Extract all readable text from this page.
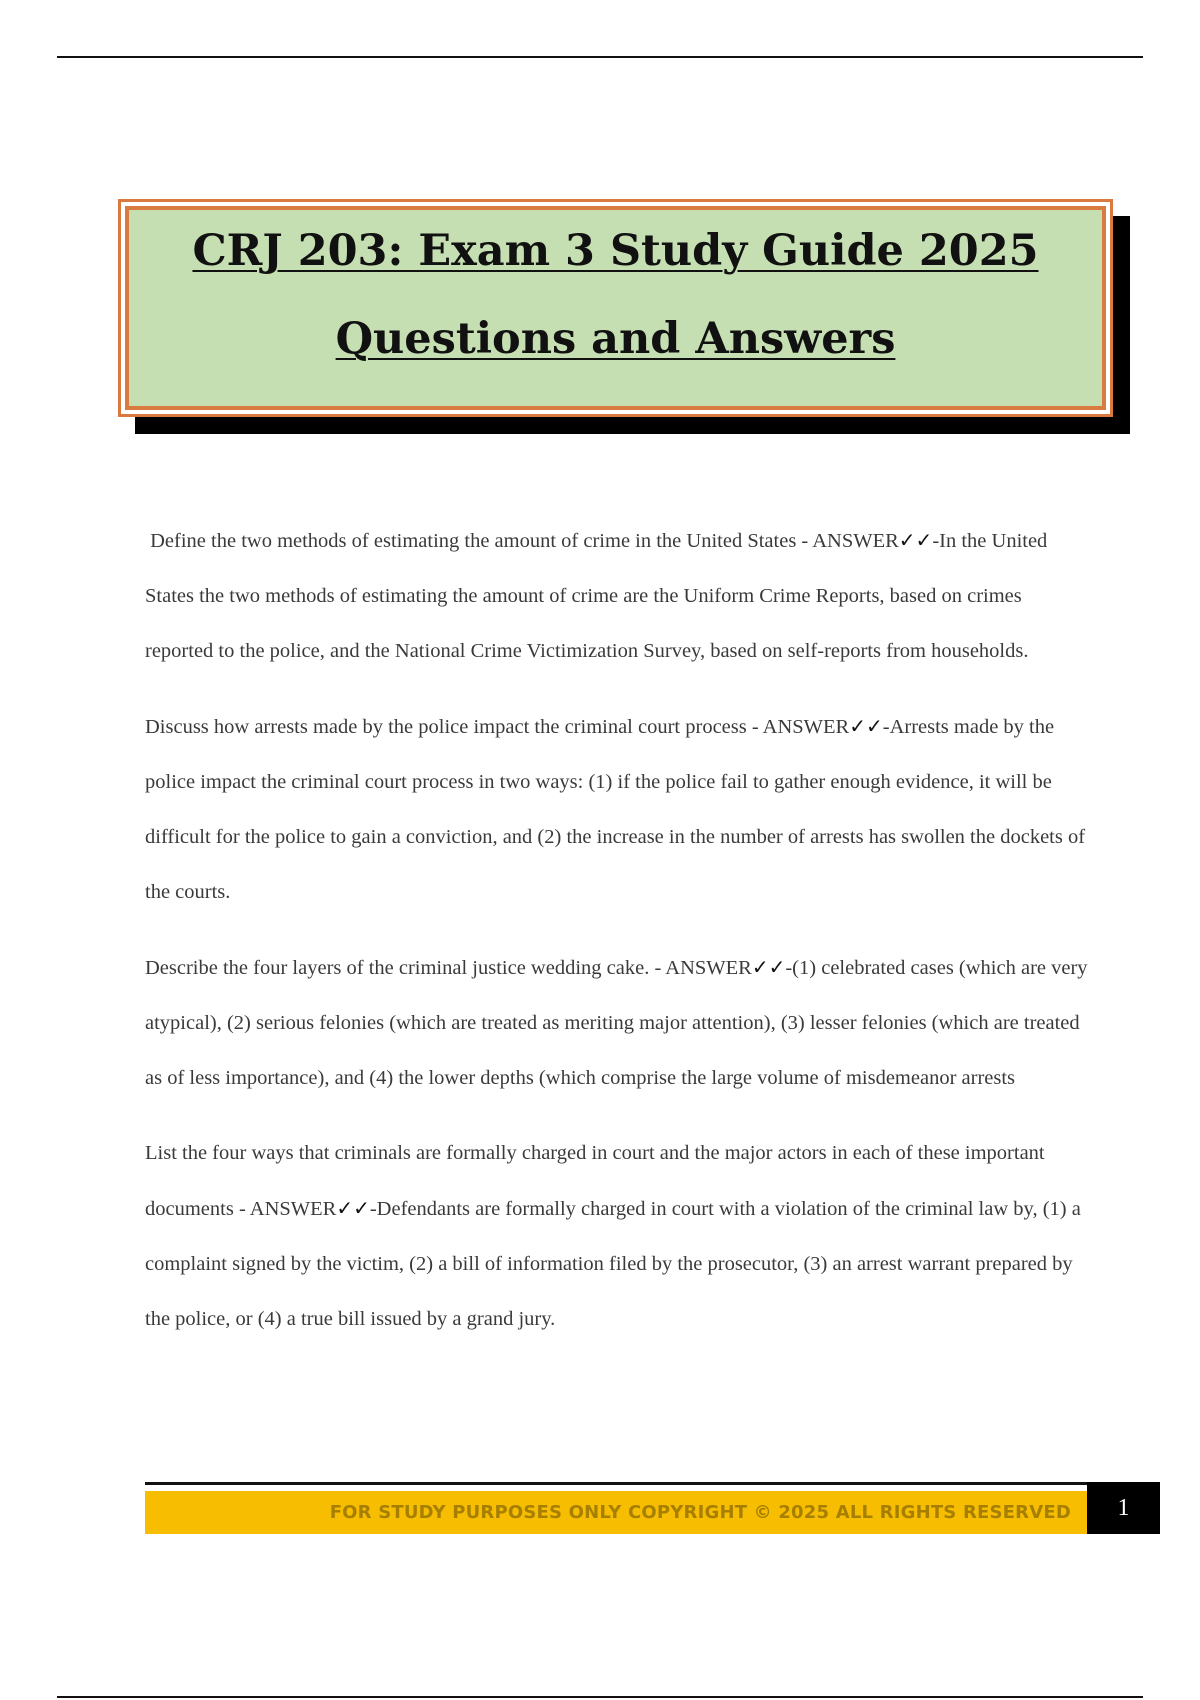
CRJ 203: Exam 3 Study Guide 2025
Questions and Answers

Define the two methods of estimating the amount of crime in the United States - ANSWER✓✓-In the United States the two methods of estimating the amount of crime are the Uniform Crime Reports, based on crimes reported to the police, and the National Crime Victimization Survey, based on self-reports from households.

Discuss how arrests made by the police impact the criminal court process - ANSWER✓✓-Arrests made by the police impact the criminal court process in two ways: (1) if the police fail to gather enough evidence, it will be difficult for the police to gain a conviction, and (2) the increase in the number of arrests has swollen the dockets of the courts.

Describe the four layers of the criminal justice wedding cake. - ANSWER✓✓-(1) celebrated cases (which are very atypical), (2) serious felonies (which are treated as meriting major attention), (3) lesser felonies (which are treated as of less importance), and (4) the lower depths (which comprise the large volume of misdemeanor arrests

List the four ways that criminals are formally charged in court and the major actors in each of these important documents - ANSWER✓✓-Defendants are formally charged in court with a violation of the criminal law by, (1) a complaint signed by the victim, (2) a bill of information filed by the prosecutor, (3) an arrest warrant prepared by the police, or (4) a true bill issued by a grand jury.

FOR STUDY PURPOSES ONLY COPYRIGHT © 2025 ALL RIGHTS RESERVED	1
